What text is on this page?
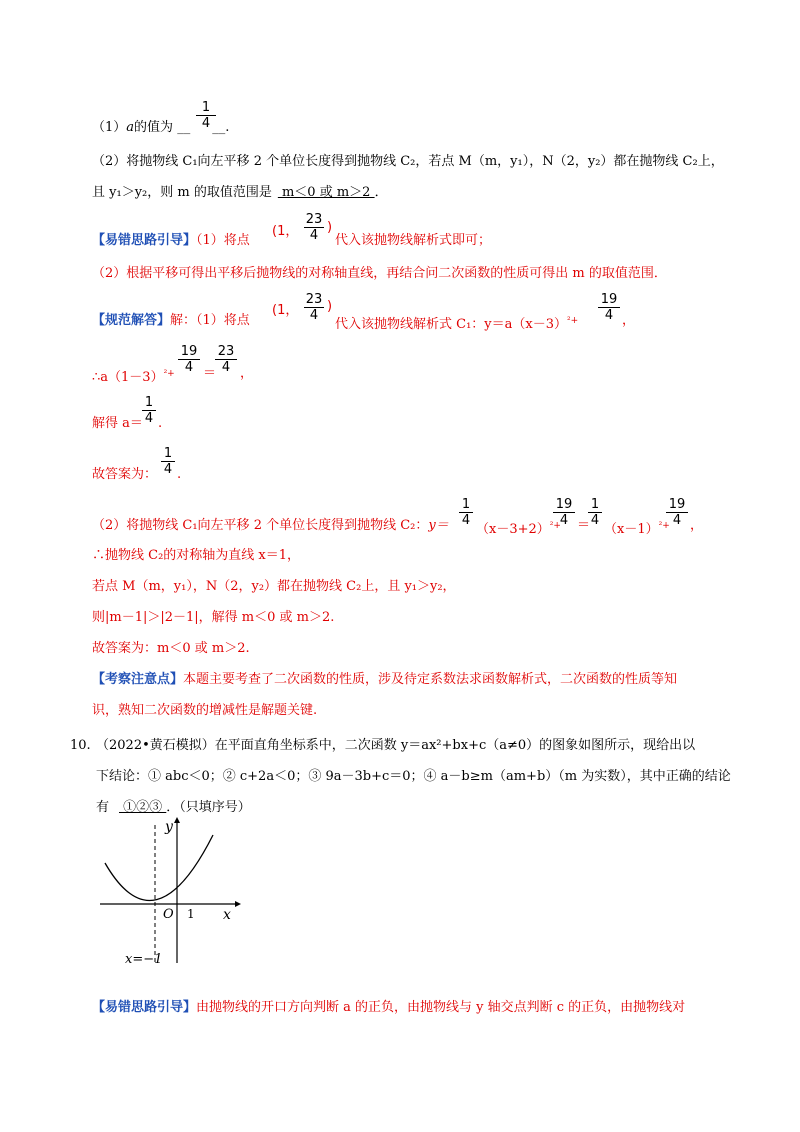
（1）a的值为 __ __.
1
4
（2）将抛物线 C₁向左平移 2 个单位长度得到抛物线 C₂，若点 M（m，y₁），N（2，y₂）都在抛物线 C₂上，
且 y₁＞y₂，则 m 的取值范围是 m＜0 或 m＞2 ．
【易错思路引导】（1）将点
(1，
23
4
)
代入该抛物线解析式即可；
（2）根据平移可得出平移后抛物线的对称轴直线，再结合问二次函数的性质可得出 m 的取值范围．
【规范解答】解：（1）将点
(1，
23
4
)
代入该抛物线解析式 C₁：$y=a(x-3)^{^2+}$
19
4 ，
$\therefore a(1-3)^{^2+}$
19
4 ＝
23
4 ，
解得 a＝
1
4 .
故答案为：
1
4 .
（2）将抛物线 C₁向左平移 2 个单位长度得到抛物线 C₂：y＝
1
4
$(x-3+2)^{^2+}$
19
4 ＝
1
4
$(x-1)^{^2+}$
19
4 ，
∴抛物线 C₂的对称轴为直线 x＝1，
若点 M（m，y₁），N（2，y₂）都在抛物线 C₂上，且 y₁＞y₂，
则|m－1|＞|2－1|，解得 m＜0 或 m＞2.
故答案为：m＜0 或 m＞2.
【考察注意点】本题主要考查了二次函数的性质，涉及待定系数法求函数解析式，二次函数的性质等知
识，熟知二次函数的增减性是解题关键.
10. （2022•黄石模拟）在平面直角坐标系中，二次函数 y＝ax²+bx+c（a≠0）的图象如图所示，现给出以
下结论：① abc＜0；② c+2a＜0；③ 9a－3b+c＝0；④ a－b≥m（am+b）（m 为实数），其中正确的结论
有 ①②③ ．（只填序号）
y
x
O 1
x=−1
【易错思路引导】由抛物线的开口方向判断 a 的正负，由抛物线与 y 轴交点判断 c 的正负，由抛物线对
